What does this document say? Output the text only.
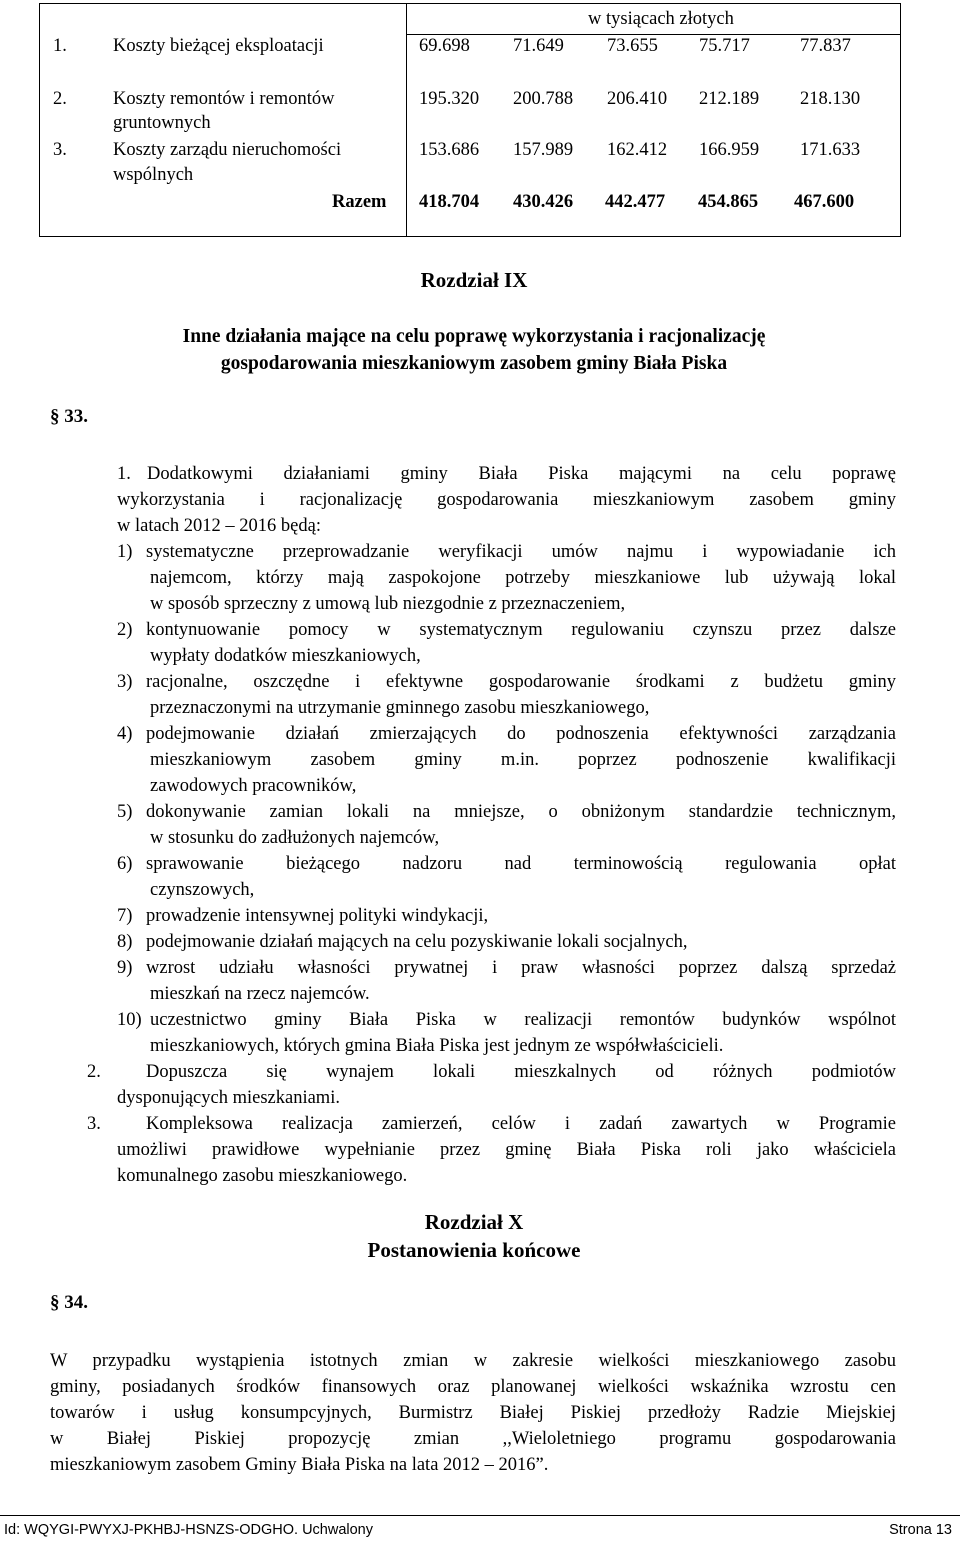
w tysiącach złotych
1. Koszty bieżącej eksploatacji	69.698 71.649 73.655 75.717	77.837
2. Koszty remontów i remontów
gruntownych
195.320 200.788 206.410 212.189 218.130
3. Koszty zarządu nieruchomości
wspólnych
153.686 157.989 162.412 166.959 171.633
Razem 418.704 430.426 442.477 454.865 467.600
Rozdział IX
Inne działania mające na celu poprawę wykorzystania i racjonalizację
gospodarowania mieszkaniowym zasobem gminy Biała Piska
§ 33.
1. Dodatkowymi działaniami gminy Biała Piska mającymi na celu poprawę
wykorzystania i racjonalizację gospodarowania mieszkaniowym zasobem gminy
w latach 2012 – 2016 będą:
1) systematyczne przeprowadzanie weryfikacji umów najmu i wypowiadanie ich
najemcom, którzy mają zaspokojone potrzeby mieszkaniowe lub używają lokal
w sposób sprzeczny z umową lub niezgodnie z przeznaczeniem,
2) kontynuowanie pomocy w systematycznym regulowaniu czynszu przez dalsze
wypłaty dodatków mieszkaniowych,
3) racjonalne, oszczędne i efektywne gospodarowanie środkami z budżetu gminy
przeznaczonymi na utrzymanie gminnego zasobu mieszkaniowego,
4) podejmowanie działań zmierzających do podnoszenia efektywności zarządzania
mieszkaniowym zasobem gminy m.in. poprzez podnoszenie kwalifikacji
zawodowych pracowników,
5) dokonywanie zamian lokali na mniejsze, o obniżonym standardzie technicznym,
w stosunku do zadłużonych najemców,
6) sprawowanie bieżącego nadzoru nad terminowością regulowania opłat
czynszowych,
7) prowadzenie intensywnej polityki windykacji,
8) podejmowanie działań mających na celu pozyskiwanie lokali socjalnych,
9) wzrost udziału własności prywatnej i praw własności poprzez dalszą sprzedaż
mieszkań na rzecz najemców.
10) uczestnictwo gminy Biała Piska w realizacji remontów budynków wspólnot
mieszkaniowych, których gmina Biała Piska jest jednym ze współwłaścicieli.
2. Dopuszcza się wynajem lokali mieszkalnych od różnych podmiotów
dysponujących mieszkaniami.
3. Kompleksowa realizacja zamierzeń, celów i zadań zawartych w Programie
umożliwi prawidłowe wypełnianie przez gminę Biała Piska roli jako właściciela
komunalnego zasobu mieszkaniowego.
Rozdział X
Postanowienia końcowe
§ 34.
W przypadku wystąpienia istotnych zmian w zakresie wielkości mieszkaniowego zasobu
gminy, posiadanych środków finansowych oraz planowanej wielkości wskaźnika wzrostu cen
towarów i usług konsumpcyjnych, Burmistrz Białej Piskiej przedłoży Radzie Miejskiej
w Białej Piskiej propozycję zmian ,,Wieloletniego programu gospodarowania
mieszkaniowym zasobem Gminy Biała Piska na lata 2012 – 2016”.
Id: WQYGI-PWYXJ-PKHBJ-HSNZS-ODGHO. Uchwalony	Strona 13
